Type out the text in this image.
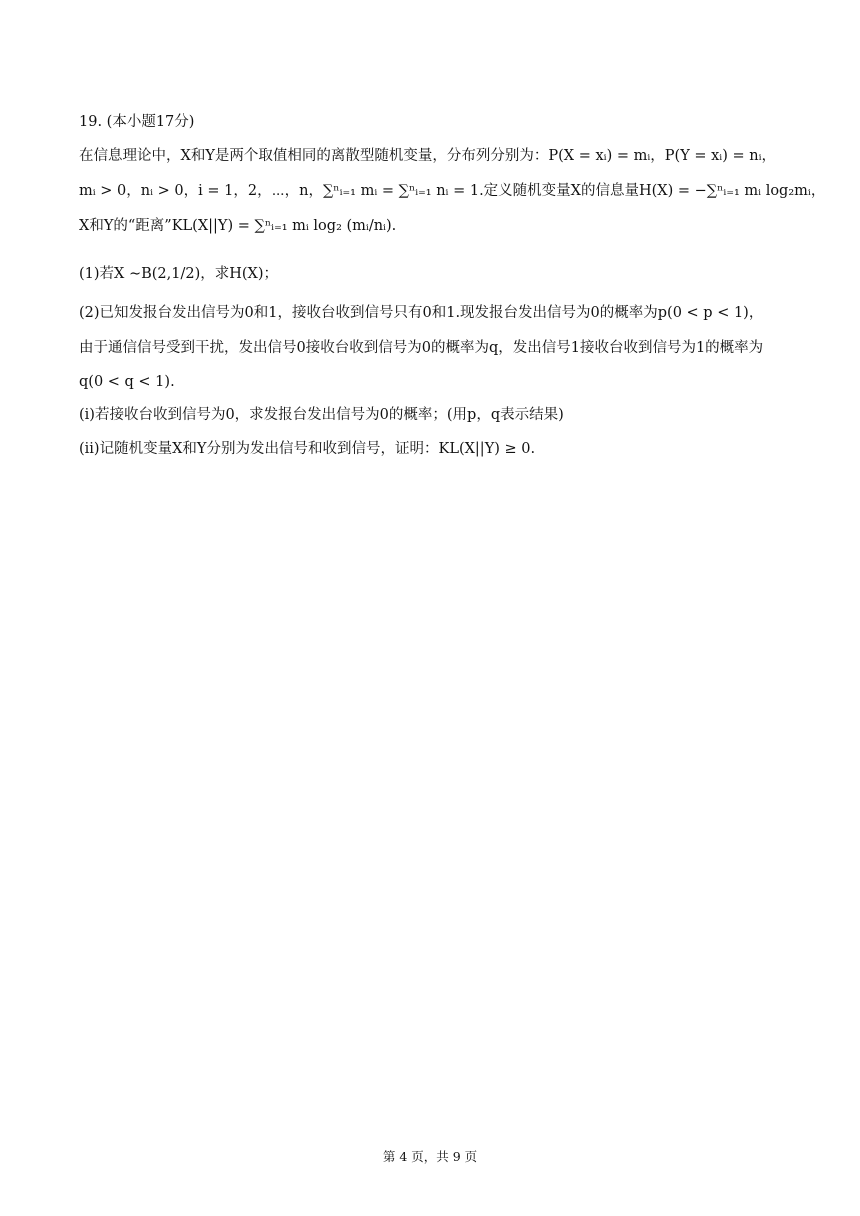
19. (本小题17分)
在信息理论中，X和Y是两个取值相同的离散型随机变量，分布列分别为：P(X = xᵢ) = mᵢ，P(Y = xᵢ) = nᵢ，
mᵢ > 0，nᵢ > 0，i = 1，2，⋯，n，∑ⁿᵢ₌₁ mᵢ = ∑ⁿᵢ₌₁ nᵢ = 1.定义随机变量X的信息量H(X) = −∑ⁿᵢ₌₁ mᵢ log₂mᵢ，
X和Y的“距离”KL(X||Y) = ∑ⁿᵢ₌₁ mᵢ log₂ (mᵢ/nᵢ).
(1)若X ∼B(2,1/2)，求H(X)；
(2)已知发报台发出信号为0和1，接收台收到信号只有0和1.现发报台发出信号为0的概率为p(0 < p < 1)，
由于通信信号受到干扰，发出信号0接收台收到信号为0的概率为q，发出信号1接收台收到信号为1的概率为
q(0 < q < 1).
(i)若接收台收到信号为0，求发报台发出信号为0的概率；(用p，q表示结果)
(ii)记随机变量X和Y分别为发出信号和收到信号，证明：KL(X||Y) ≥ 0.
第 4 页，共 9 页
